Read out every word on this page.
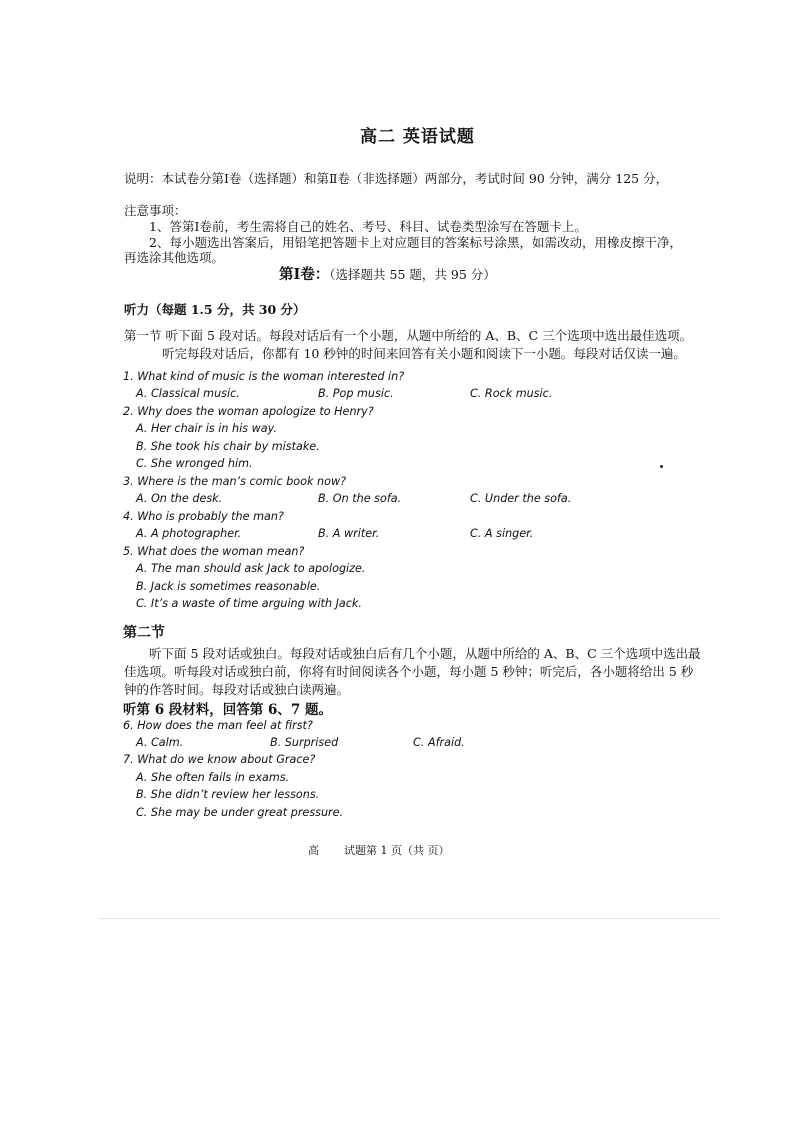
高二 英语试题
说明：本试卷分第Ⅰ卷（选择题）和第Ⅱ卷（非选择题）两部分，考试时间 90 分钟，满分 125 分，
注意事项：
1、答第Ⅰ卷前，考生需将自己的姓名、考号、科目、试卷类型涂写在答题卡上。
2、每小题选出答案后，用铅笔把答题卡上对应题目的答案标号涂黑，如需改动，用橡皮擦干净，
再选涂其他选项。
第Ⅰ卷：（选择题共 55 题，共 95 分）
听力（每题 1.5 分，共 30 分）
第一节 听下面 5 段对话。每段对话后有一个小题，从题中所给的 A、B、C 三个选项中选出最佳选项。
听完每段对话后，你都有 10 秒钟的时间来回答有关小题和阅读下一小题。每段对话仅读一遍。
1. What kind of music is the woman interested in?
A. Classical music.	B. Pop music.	C. Rock music.
2. Why does the woman apologize to Henry?
A. Her chair is in his way.
B. She took his chair by mistake.
C. She wronged him.
3. Where is the man’s comic book now?
A. On the desk.	B. On the sofa.	C. Under the sofa.
4. Who is probably the man?
A. A photographer.	B. A writer.	C. A singer.
5. What does the woman mean?
A. The man should ask Jack to apologize.
B. Jack is sometimes reasonable.
C. It’s a waste of time arguing with Jack.
第二节
听下面 5 段对话或独白。每段对话或独白后有几个小题，从题中所给的 A、B、C 三个选项中选出最
佳选项。听每段对话或独白前，你将有时间阅读各个小题，每小题 5 秒钟；听完后，各小题将给出 5 秒
钟的作答时间。每段对话或独白读两遍。
听第 6 段材料，回答第 6、7 题。
6. How does the man feel at first?
A. Calm.	B. Surprised	C. Afraid.
7. What do we know about Grace?
A. She often fails in exams.
B. She didn’t review her lessons.
C. She may be under great pressure.
高 试题第 1 页（共 页）
